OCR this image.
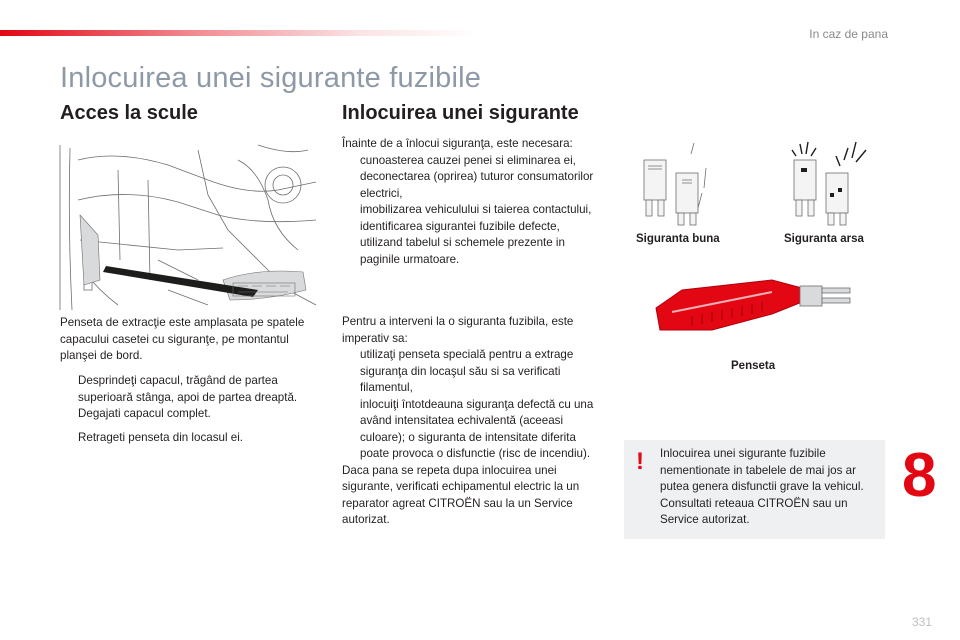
In caz de pana
Inlocuirea unei sigurante fuzibile
Acces la scule
Penseta de extracţie este amplasata pe spatele capacului casetei cu siguranţe, pe montantul planşei de bord.
Desprindeţi capacul, trăgând de partea superioară stânga, apoi de partea dreaptă.
Degajati capacul complet.
Retrageti penseta din locasul ei.
Inlocuirea unei sigurante
Înainte de a înlocui siguranţa, este necesara:
cunoasterea cauzei penei si eliminarea ei,
deconectarea (oprirea) tuturor consumatorilor electrici,
imobilizarea vehiculului si taierea contactului,
identificarea sigurantei fuzibile defecte, utilizand tabelul si schemele prezente in paginile urmatoare.
Pentru a interveni la o siguranta fuzibila, este imperativ sa:
utilizaţi penseta specială pentru a extrage siguranţa din locaşul său si sa verificati filamentul,
inlocuiţi întotdeauna siguranţa defectă cu una având intensitatea echivalentă (aceeasi culoare); o siguranta de intensitate diferita poate provoca o disfunctie (risc de incendiu).
Daca pana se repeta dupa inlocuirea unei sigurante, verificati echipamentul electric la un reparator agreat CITROËN sau la un Service autorizat.
Siguranta buna	Siguranta arsa
Penseta
! Inlocuirea unei sigurante fuzibile nementionate in tabelele de mai jos ar putea genera disfunctii grave la vehicul. Consultati reteaua CITROËN sau un Service autorizat.
8
331
